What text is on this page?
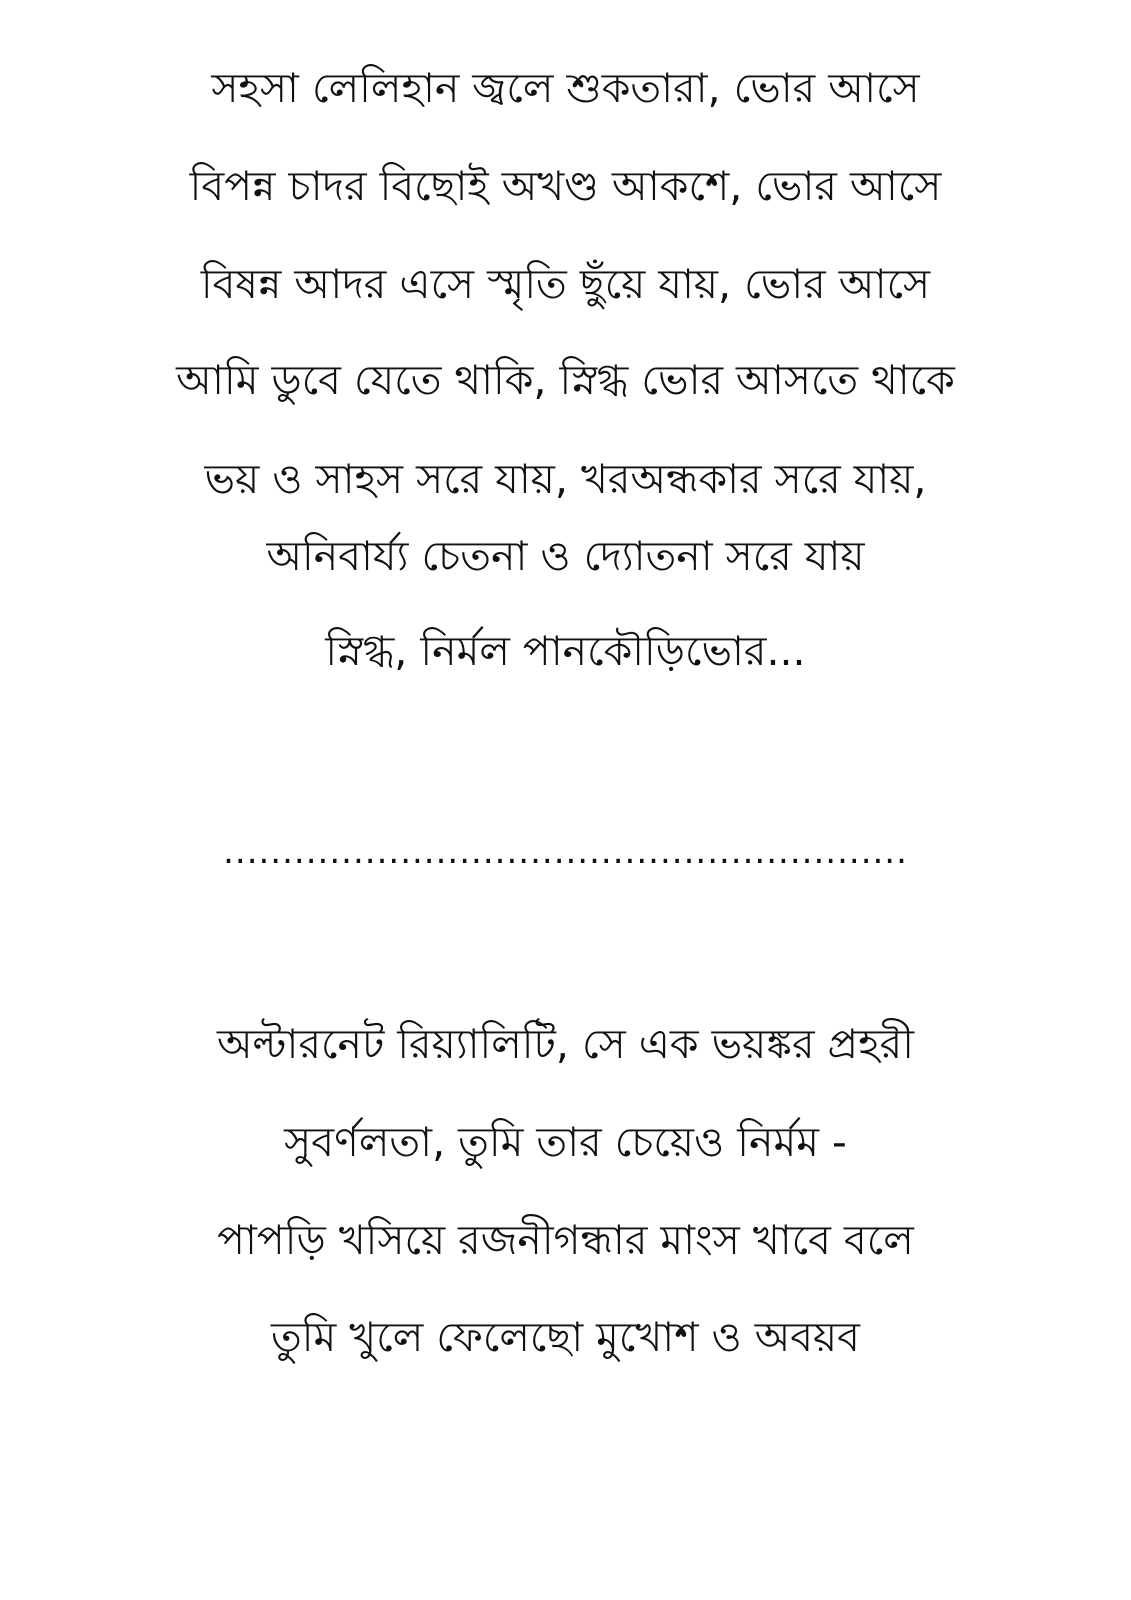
সহসা লেলিহান জ্বলে শুকতারা, ভোর আসে
বিপন্ন চাদর বিছোই অখণ্ড আকশে, ভোর আসে
বিষন্ন আদর এসে স্মৃতি ছুঁয়ে যায়, ভোর আসে
আমি ডুবে যেতে থাকি, স্নিগ্ধ ভোর আসতে থাকে
ভয় ও সাহস সরে যায়, খরঅন্ধকার সরে যায়,
অনিবার্য্য চেতনা ও দ্যোতনা সরে যায়
স্নিগ্ধ, নির্মল পানকৌড়িভোর...
..........................................................
অল্টারনেট রিয়্যালিটি, সে এক ভয়ঙ্কর প্রহরী
সুবর্ণলতা, তুমি তার চেয়েও নির্মম -
পাপড়ি খসিয়ে রজনীগন্ধার মাংস খাবে বলে
তুমি খুলে ফেলেছো মুখোশ ও অবয়ব
